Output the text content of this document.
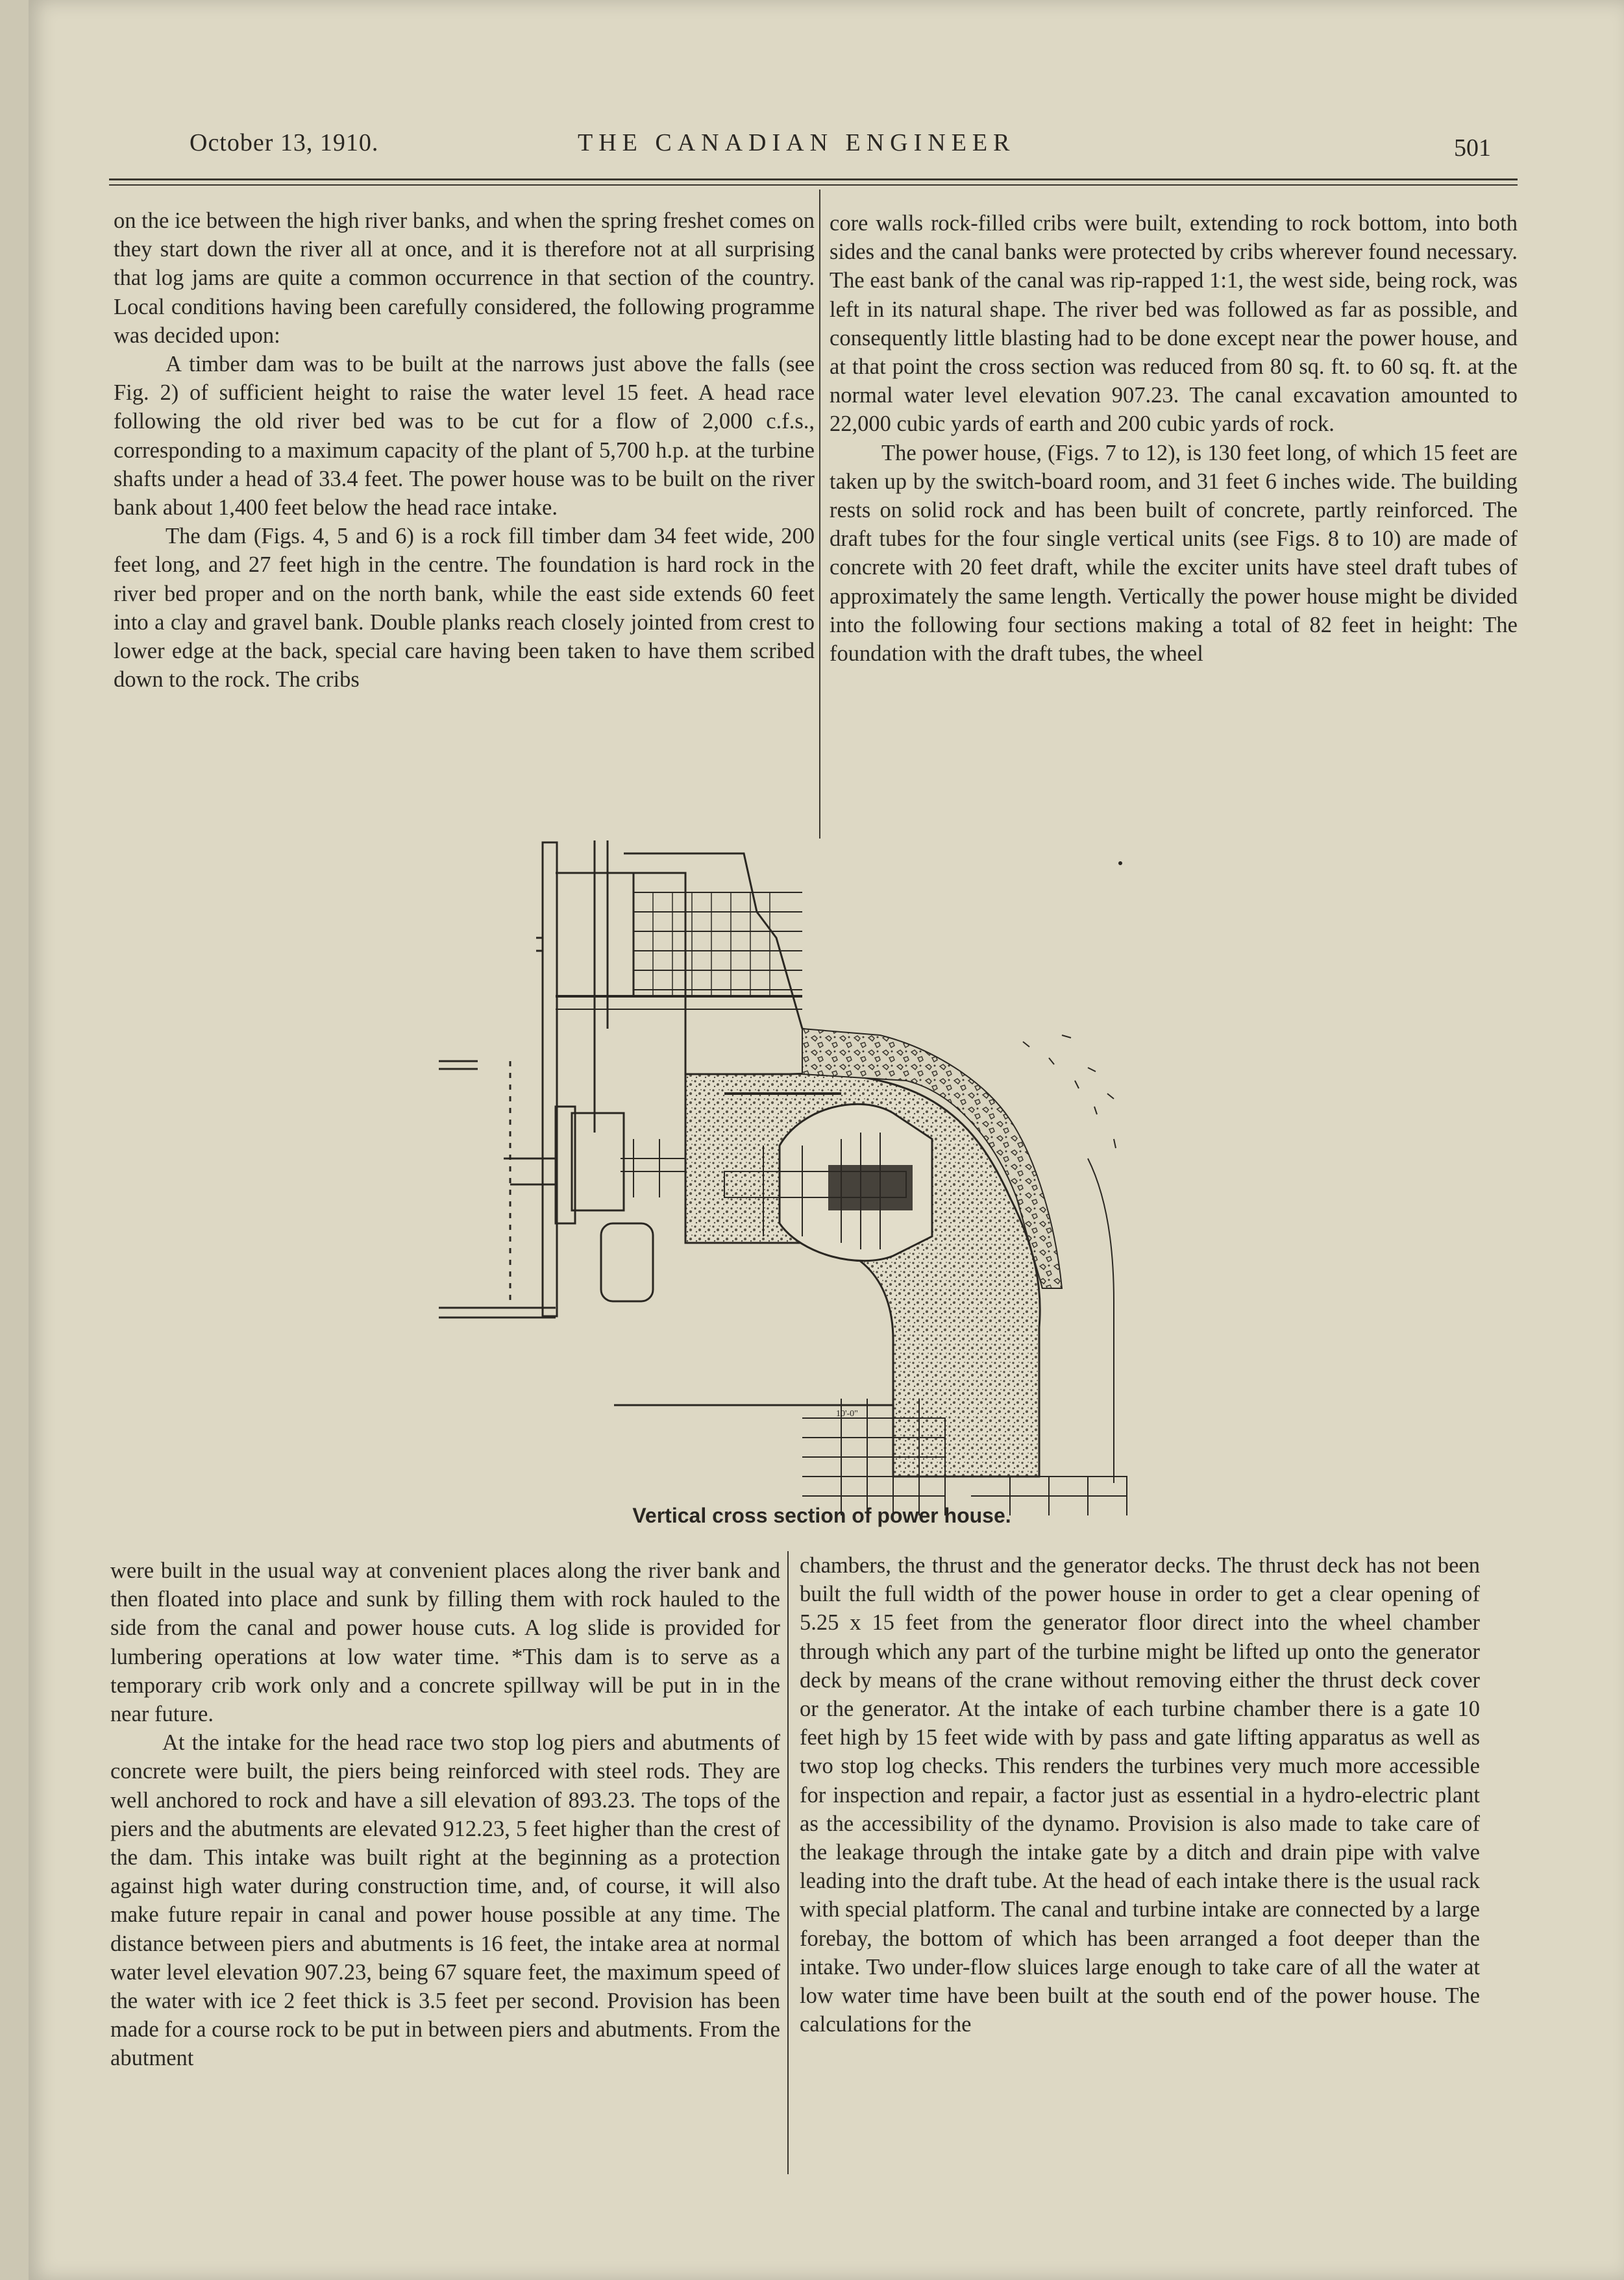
October 13, 1910.	THE CANADIAN ENGINEER	501

on the ice between the high river banks, and when the spring freshet comes on they start down the river all at once, and it is therefore not at all surprising that log jams are quite a common occurrence in that section of the country. Local conditions having been carefully considered, the following programme was decided upon:

A timber dam was to be built at the narrows just above the falls (see Fig. 2) of sufficient height to raise the water level 15 feet. A head race following the old river bed was to be cut for a flow of 2,000 c.f.s., corresponding to a maximum capacity of the plant of 5,700 h.p. at the turbine shafts under a head of 33.4 feet. The power house was to be built on the river bank about 1,400 feet below the head race intake.

The dam (Figs. 4, 5 and 6) is a rock fill timber dam 34 feet wide, 200 feet long, and 27 feet high in the centre. The foundation is hard rock in the river bed proper and on the north bank, while the east side extends 60 feet into a clay and gravel bank. Double planks reach closely jointed from crest to lower edge at the back, special care having been taken to have them scribed down to the rock. The cribs

core walls rock-filled cribs were built, extending to rock bottom, into both sides and the canal banks were protected by cribs wherever found necessary. The east bank of the canal was rip-rapped 1:1, the west side, being rock, was left in its natural shape. The river bed was followed as far as possible, and consequently little blasting had to be done except near the power house, and at that point the cross section was reduced from 80 sq. ft. to 60 sq. ft. at the normal water level elevation 907.23. The canal excavation amounted to 22,000 cubic yards of earth and 200 cubic yards of rock.

The power house, (Figs. 7 to 12), is 130 feet long, of which 15 feet are taken up by the switch-board room, and 31 feet 6 inches wide. The building rests on solid rock and has been built of concrete, partly reinforced. The draft tubes for the four single vertical units (see Figs. 8 to 10) are made of concrete with 20 feet draft, while the exciter units have steel draft tubes of approximately the same length. Vertically the power house might be divided into the following four sections making a total of 82 feet in height: The foundation with the draft tubes, the wheel

10'-0"
Vertical cross section of power house.

were built in the usual way at convenient places along the river bank and then floated into place and sunk by filling them with rock hauled to the side from the canal and power house cuts. A log slide is provided for lumbering operations at low water time. *This dam is to serve as a temporary crib work only and a concrete spillway will be put in in the near future.

At the intake for the head race two stop log piers and abutments of concrete were built, the piers being reinforced with steel rods. They are well anchored to rock and have a sill elevation of 893.23. The tops of the piers and the abutments are elevated 912.23, 5 feet higher than the crest of the dam. This intake was built right at the beginning as a protection against high water during construction time, and, of course, it will also make future repair in canal and power house possible at any time. The distance between piers and abutments is 16 feet, the intake area at normal water level elevation 907.23, being 67 square feet, the maximum speed of the water with ice 2 feet thick is 3.5 feet per second. Provision has been made for a course rock to be put in between piers and abutments. From the abutment

chambers, the thrust and the generator decks. The thrust deck has not been built the full width of the power house in order to get a clear opening of 5.25 x 15 feet from the generator floor direct into the wheel chamber through which any part of the turbine might be lifted up onto the generator deck by means of the crane without removing either the thrust deck cover or the generator. At the intake of each turbine chamber there is a gate 10 feet high by 15 feet wide with by pass and gate lifting apparatus as well as two stop log checks. This renders the turbines very much more accessible for inspection and repair, a factor just as essential in a hydro-electric plant as the accessibility of the dynamo. Provision is also made to take care of the leakage through the intake gate by a ditch and drain pipe with valve leading into the draft tube. At the head of each intake there is the usual rack with special platform. The canal and turbine intake are connected by a large forebay, the bottom of which has been arranged a foot deeper than the intake. Two under-flow sluices large enough to take care of all the water at low water time have been built at the south end of the power house. The calculations for the
